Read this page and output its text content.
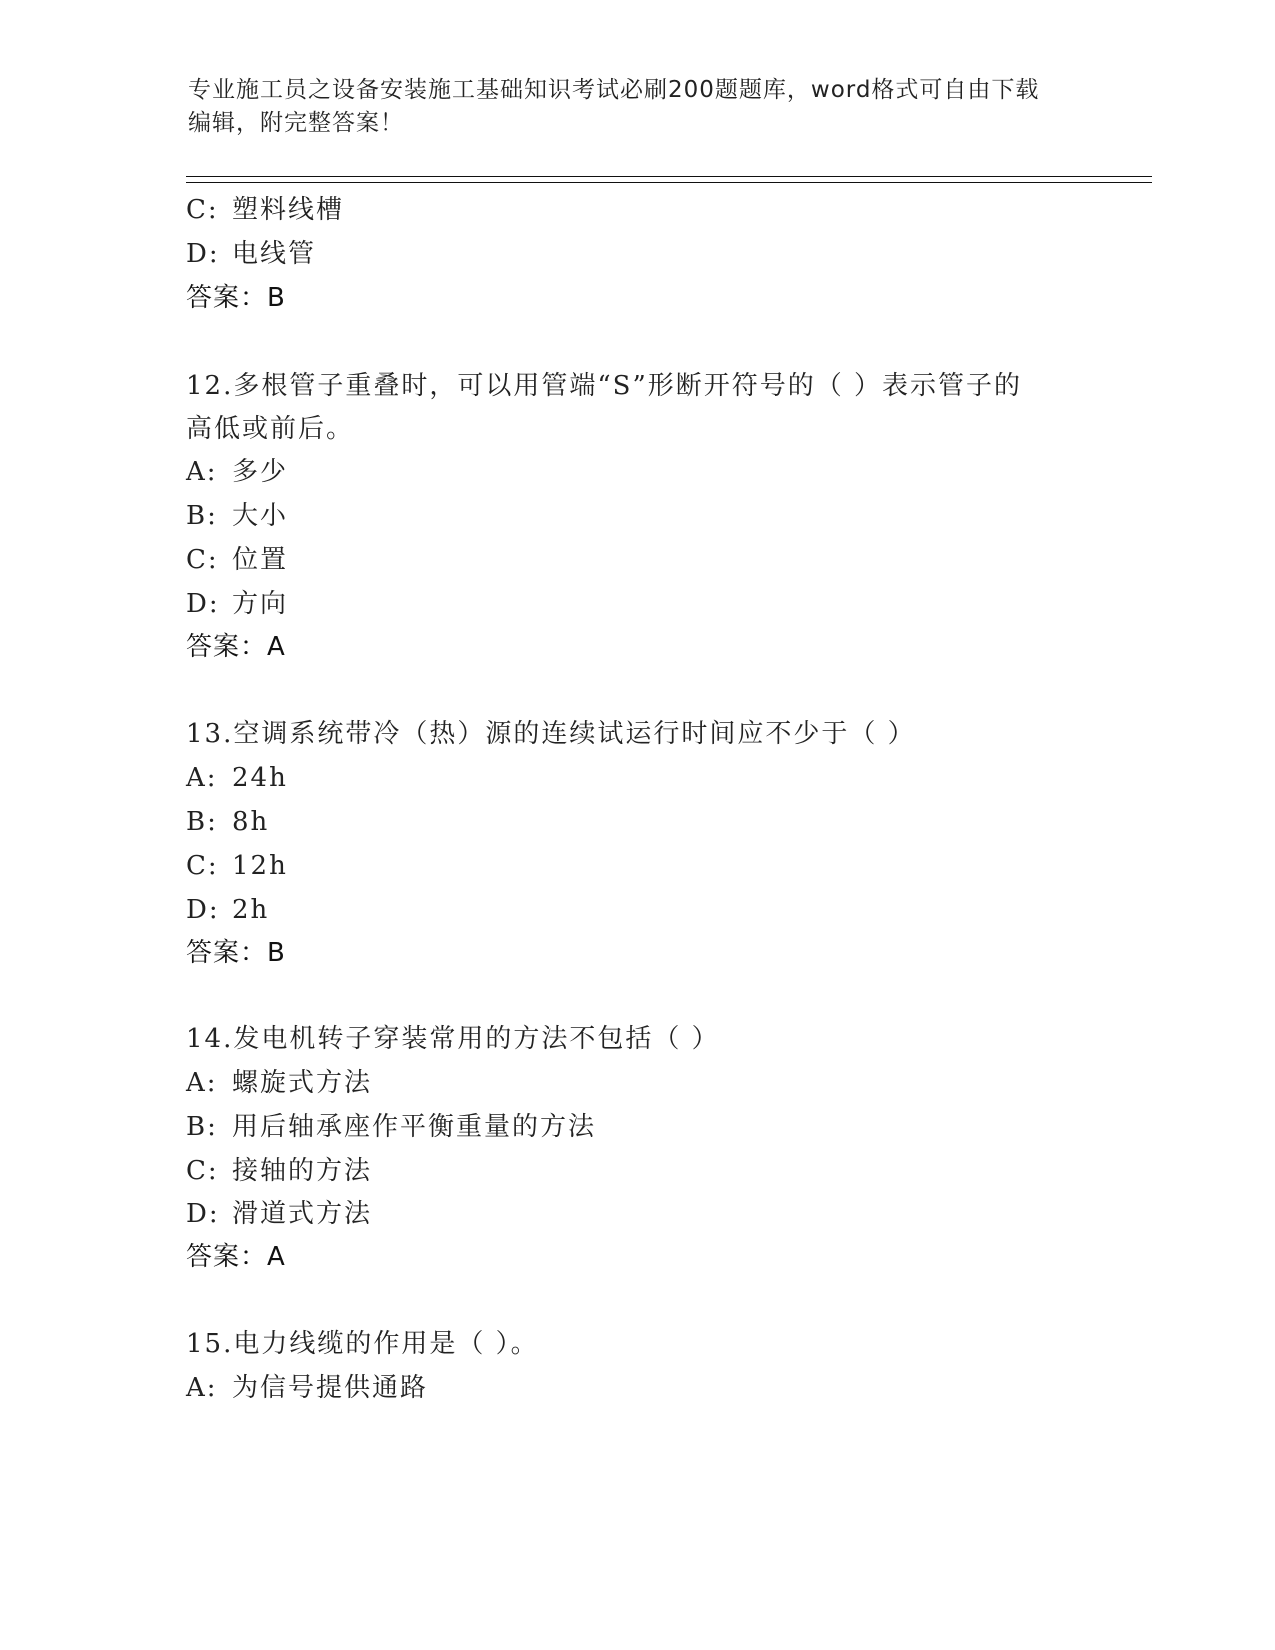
专业施工员之设备安装施工基础知识考试必刷200题题库，word格式可自由下载
编辑，附完整答案！
C: 塑料线槽
D: 电线管
答案：B
12.多根管子重叠时，可以用管端“S”形断开符号的（ ）表示管子的
高低或前后。
A: 多少
B: 大小
C: 位置
D: 方向
答案：A
13.空调系统带冷（热）源的连续试运行时间应不少于（ ）
A: 24h
B: 8h
C: 12h
D: 2h
答案：B
14.发电机转子穿装常用的方法不包括（ ）
A: 螺旋式方法
B: 用后轴承座作平衡重量的方法
C: 接轴的方法
D: 滑道式方法
答案：A
15.电力线缆的作用是（ ）。
A: 为信号提供通路
